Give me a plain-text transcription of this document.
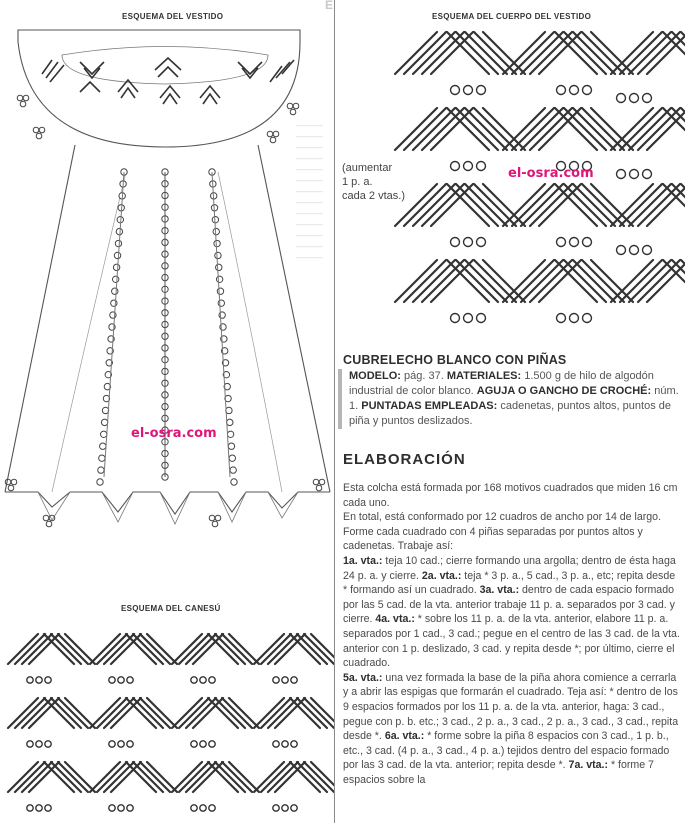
E
ESQUEMA DEL VESTIDO
el-osra.com
———
———
———
———
———
———
———
———
———
———
———
———
———
ESQUEMA DEL CANESÚ
ESQUEMA DEL CUERPO DEL VESTIDO
el-osra.com
(aumentar
1 p. a.
cada 2 vtas.)
CUBRELECHO BLANCO CON PIÑAS
MODELO: pág. 37. MATERIALES: 1.500 g de hilo de algodón industrial de color blanco. AGUJA O GANCHO DE CROCHÉ: núm. 1. PUNTADAS EMPLEADAS: cadenetas, puntos altos, puntos de piña y puntos deslizados.
ELABORACIÓN

Esta colcha está formada por 168 motivos cuadrados que miden 16 cm cada uno.

En total, está conformado por 12 cuadros de ancho por 14 de largo. Forme cada cuadrado con 4 piñas separadas por puntos altos y cadenetas. Trabaje así:

1a. vta.: teja 10 cad.; cierre formando una argolla; dentro de ésta haga 24 p. a. y cierre. 2a. vta.: teja * 3 p. a., 5 cad., 3 p. a., etc; repita desde * formando así un cuadrado. 3a. vta.: dentro de cada espacio formado por las 5 cad. de la vta. anterior trabaje 11 p. a. separados por 3 cad. y cierre. 4a. vta.: * sobre los 11 p. a. de la vta. anterior, elabore 11 p. a. separados por 1 cad., 3 cad.; pegue en el centro de las 3 cad. de la vta. anterior con 1 p. deslizado, 3 cad. y repita desde *; por último, cierre el cuadrado.

5a. vta.: una vez formada la base de la piña ahora comience a cerrarla y a abrir las espigas que formarán el cuadrado. Teja así: * dentro de los 9 espacios formados por los 11 p. a. de la vta. anterior, haga: 3 cad., pegue con p. b. etc.; 3 cad., 2 p. a., 3 cad., 2 p. a., 3 cad., 3 cad., repita desde *. 6a. vta.: * forme sobre la piña 8 espacios con 3 cad., 1 p. b., etc., 3 cad. (4 p. a., 3 cad., 4 p. a.) tejidos dentro del espacio formado por las 3 cad. de la vta. anterior; repita desde *. 7a. vta.: * forme 7 espacios sobre la
